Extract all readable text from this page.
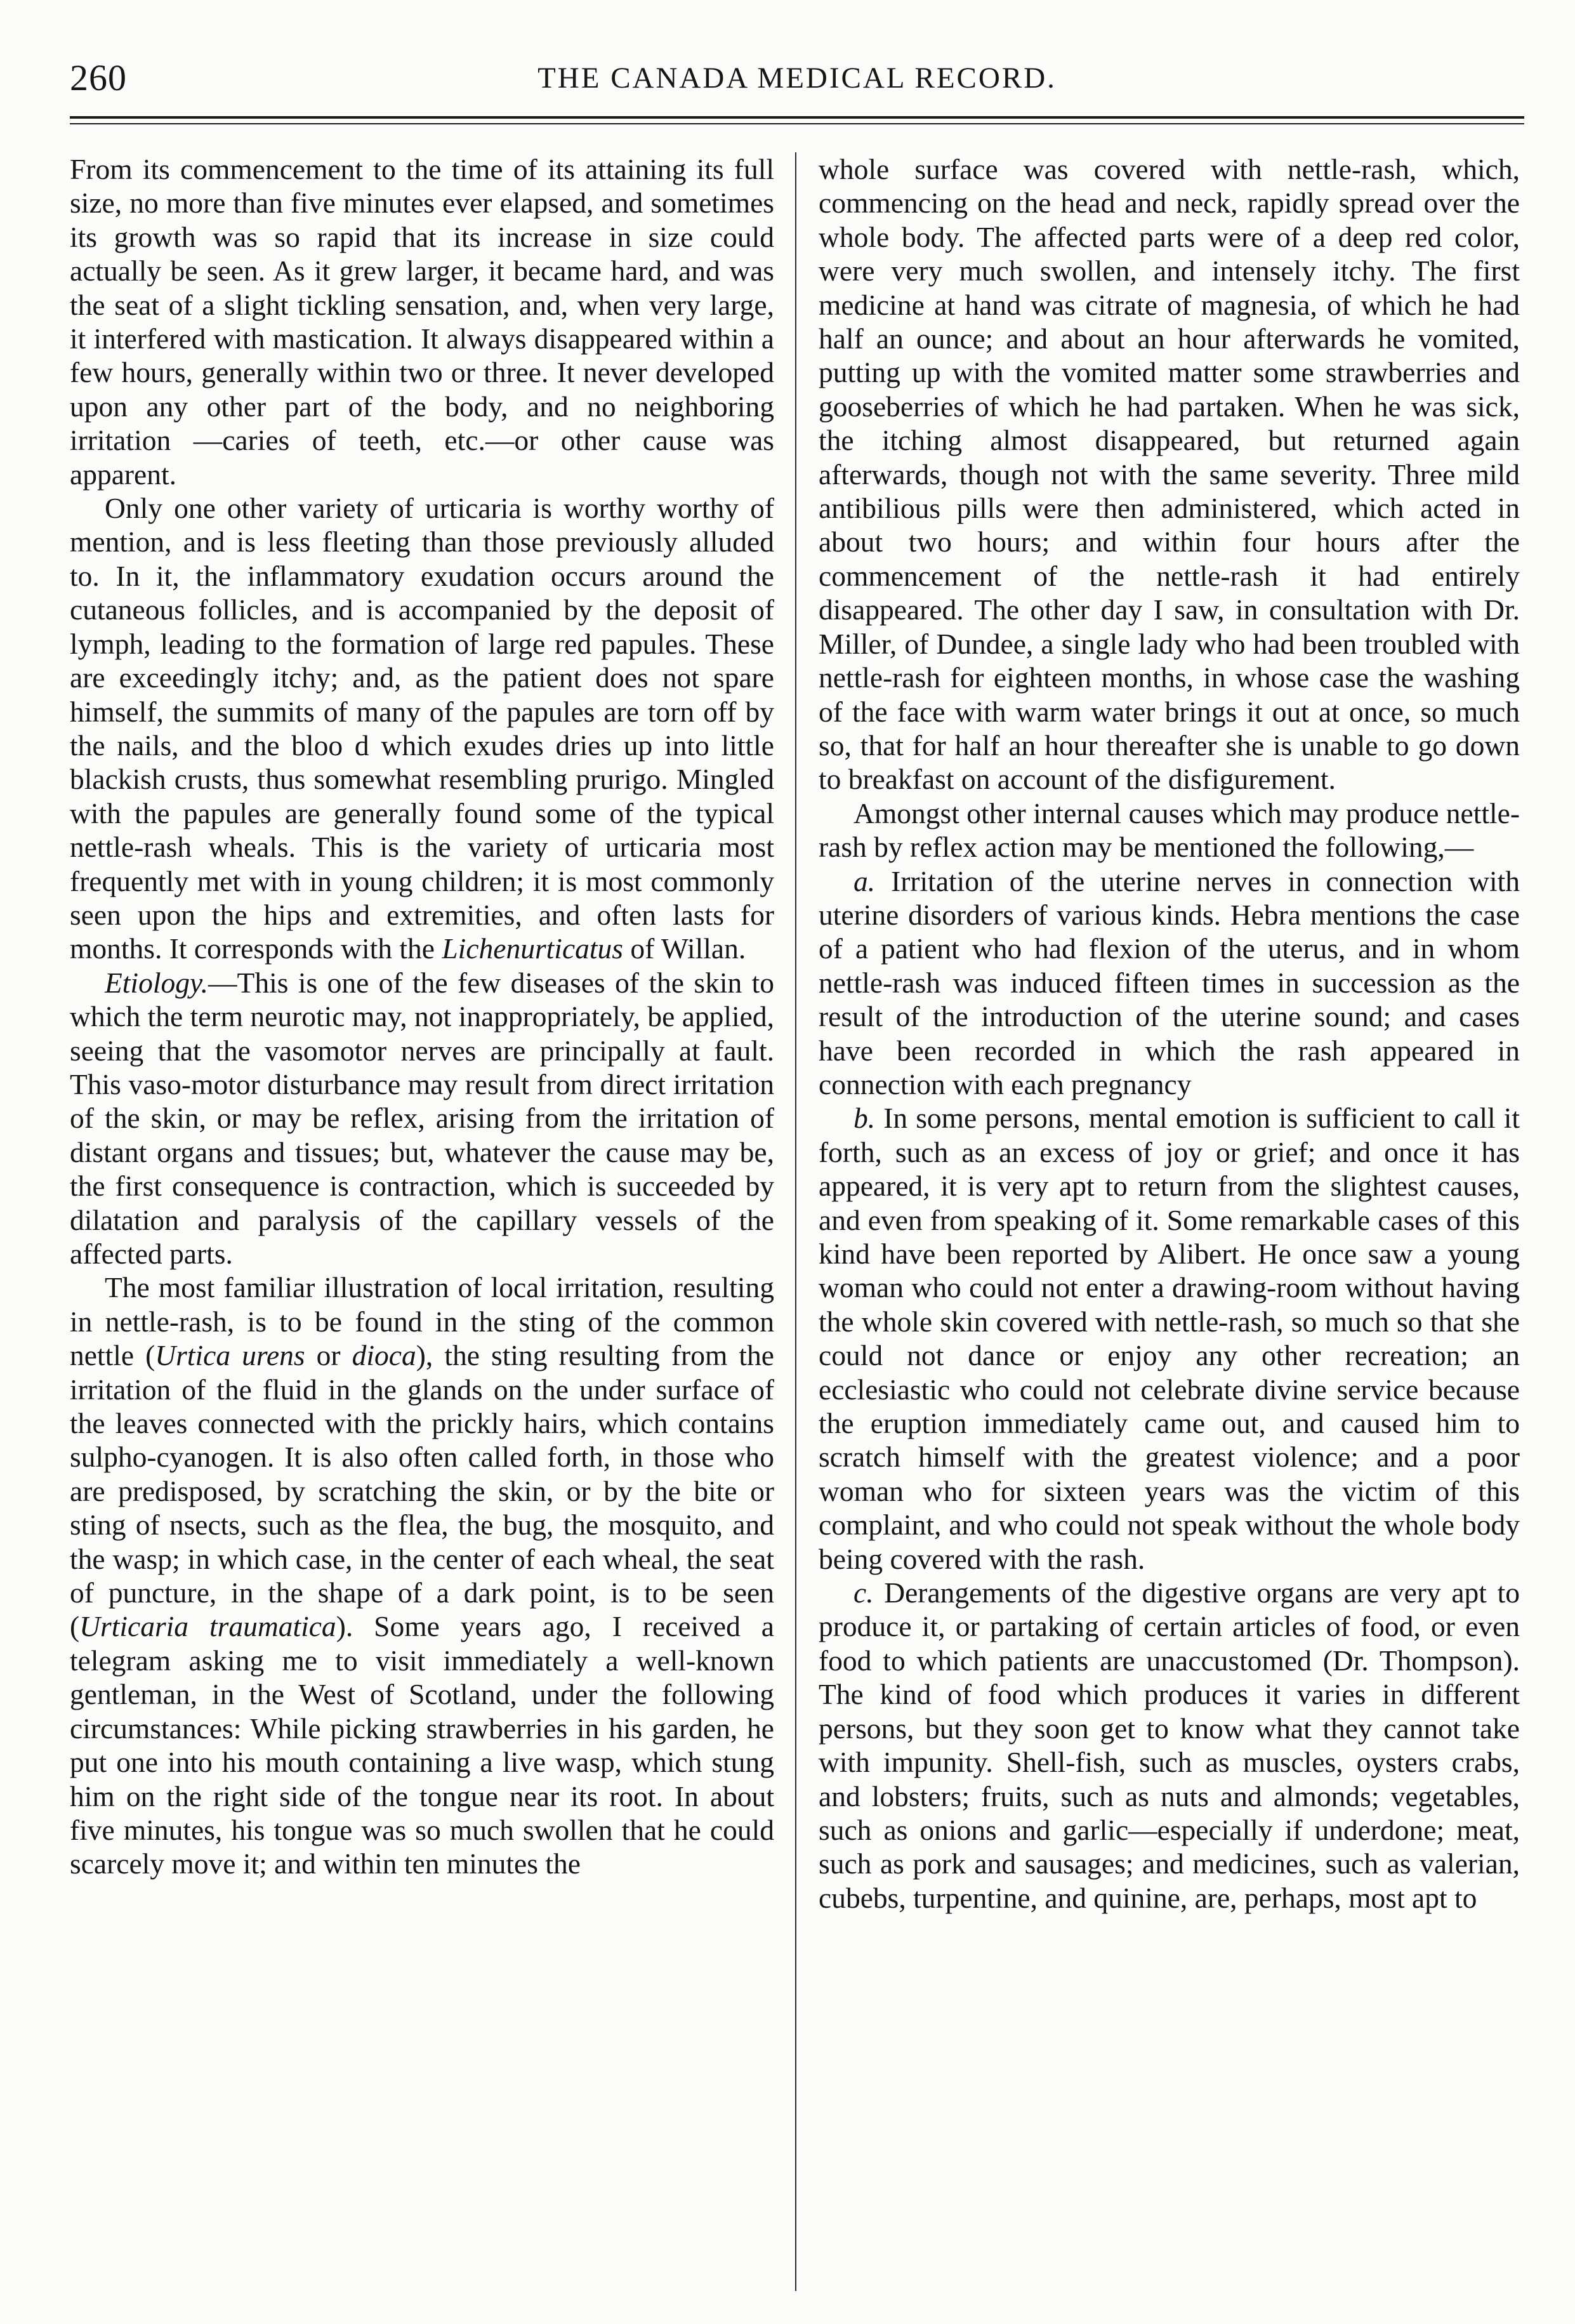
260	THE CANADA MEDICAL RECORD.

From its commencement to the time of its attaining its full size, no more than five minutes ever elapsed, and sometimes its growth was so rapid that its increase in size could actually be seen. As it grew larger, it became hard, and was the seat of a slight tickling sensation, and, when very large, it interfered with mastication. It always disappeared within a few hours, generally within two or three. It never developed upon any other part of the body, and no neighboring irritation —caries of teeth, etc.—or other cause was apparent.

Only one other variety of urticaria is worthy worthy of mention, and is less fleeting than those previously alluded to. In it, the inflammatory exudation occurs around the cutaneous follicles, and is accompanied by the deposit of lymph, leading to the formation of large red papules. These are exceedingly itchy; and, as the patient does not spare himself, the summits of many of the papules are torn off by the nails, and the bloo d which exudes dries up into little blackish crusts, thus somewhat resembling prurigo. Mingled with the papules are generally found some of the typical nettle-rash wheals. This is the variety of urticaria most frequently met with in young children; it is most commonly seen upon the hips and extremities, and often lasts for months. It corresponds with the Lichenurticatus of Willan.

Etiology.—This is one of the few diseases of the skin to which the term neurotic may, not inappropriately, be applied, seeing that the vasomotor nerves are principally at fault. This vaso-motor disturbance may result from direct irritation of the skin, or may be reflex, arising from the irritation of distant organs and tissues; but, whatever the cause may be, the first consequence is contraction, which is succeeded by dilatation and paralysis of the capillary vessels of the affected parts.

The most familiar illustration of local irritation, resulting in nettle-rash, is to be found in the sting of the common nettle (Urtica urens or dioca), the sting resulting from the irritation of the fluid in the glands on the under surface of the leaves connected with the prickly hairs, which contains sulpho-cyanogen. It is also often called forth, in those who are predisposed, by scratching the skin, or by the bite or sting of nsects, such as the flea, the bug, the mosquito, and the wasp; in which case, in the center of each wheal, the seat of puncture, in the shape of a dark point, is to be seen (Urticaria traumatica). Some years ago, I received a telegram asking me to visit immediately a well-known gentleman, in the West of Scotland, under the following circumstances: While picking strawberries in his garden, he put one into his mouth containing a live wasp, which stung him on the right side of the tongue near its root. In about five minutes, his tongue was so much swollen that he could scarcely move it; and within ten minutes the

whole surface was covered with nettle-rash, which, commencing on the head and neck, rapidly spread over the whole body. The affected parts were of a deep red color, were very much swollen, and intensely itchy. The first medicine at hand was citrate of magnesia, of which he had half an ounce; and about an hour afterwards he vomited, putting up with the vomited matter some strawberries and gooseberries of which he had partaken. When he was sick, the itching almost disappeared, but returned again afterwards, though not with the same severity. Three mild antibilious pills were then administered, which acted in about two hours; and within four hours after the commencement of the nettle-rash it had entirely disappeared. The other day I saw, in consultation with Dr. Miller, of Dundee, a single lady who had been troubled with nettle-rash for eighteen months, in whose case the washing of the face with warm water brings it out at once, so much so, that for half an hour thereafter she is unable to go down to breakfast on account of the disfigurement.

Amongst other internal causes which may produce nettle-rash by reflex action may be mentioned the following,—

a. Irritation of the uterine nerves in connection with uterine disorders of various kinds. Hebra mentions the case of a patient who had flexion of the uterus, and in whom nettle-rash was induced fifteen times in succession as the result of the introduction of the uterine sound; and cases have been recorded in which the rash appeared in connection with each pregnancy

b. In some persons, mental emotion is sufficient to call it forth, such as an excess of joy or grief; and once it has appeared, it is very apt to return from the slightest causes, and even from speaking of it. Some remarkable cases of this kind have been reported by Alibert. He once saw a young woman who could not enter a drawing-room without having the whole skin covered with nettle-rash, so much so that she could not dance or enjoy any other recreation; an ecclesiastic who could not celebrate divine service because the eruption immediately came out, and caused him to scratch himself with the greatest violence; and a poor woman who for sixteen years was the victim of this complaint, and who could not speak without the whole body being covered with the rash.

c. Derangements of the digestive organs are very apt to produce it, or partaking of certain articles of food, or even food to which patients are unaccustomed (Dr. Thompson). The kind of food which produces it varies in different persons, but they soon get to know what they cannot take with impunity. Shell-fish, such as muscles, oysters crabs, and lobsters; fruits, such as nuts and almonds; vegetables, such as onions and garlic—especially if underdone; meat, such as pork and sausages; and medicines, such as valerian, cubebs, turpentine, and quinine, are, perhaps, most apt to
